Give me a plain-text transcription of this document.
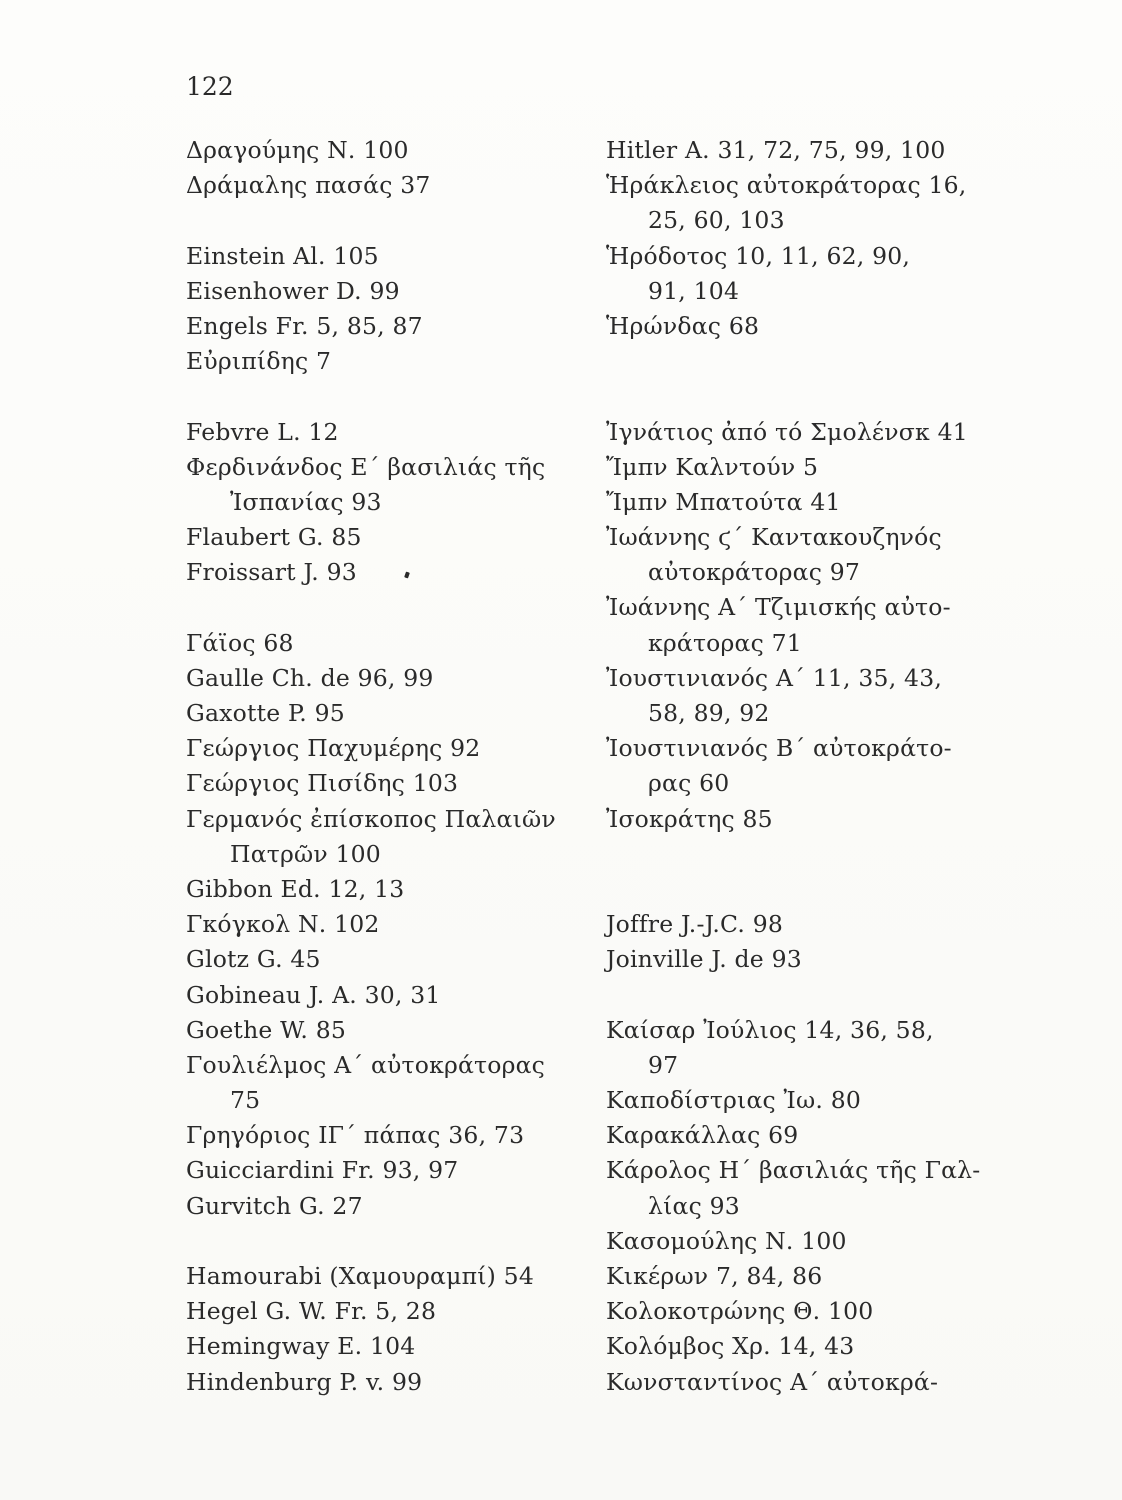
122
Δραγούμης Ν. 100
Δράμαλης πασάς 37
Einstein Al. 105
Eisenhower D. 99
Engels Fr. 5, 85, 87
Εὐριπίδης 7
Febvre L. 12
Φερδινάνδος Ε΄ βασιλιάς τῆς
Ἰσπανίας 93
Flaubert G. 85
Froissart J. 93
Γάϊος 68
Gaulle Ch. de 96, 99
Gaxotte P. 95
Γεώργιος Παχυμέρης 92
Γεώργιος Πισίδης 103
Γερμανός ἐπίσκοπος Παλαιῶν
Πατρῶν 100
Gibbon Ed. 12, 13
Γκόγκολ Ν. 102
Glotz G. 45
Gobineau J. A. 30, 31
Goethe W. 85
Γουλιέλμος Α΄ αὐτοκράτορας
75
Γρηγόριος ΙΓ΄ πάπας 36, 73
Guicciardini Fr. 93, 97
Gurvitch G. 27
Hamourabi (Χαμουραμπί) 54
Hegel G. W. Fr. 5, 28
Hemingway E. 104
Hindenburg P. v. 99
Hitler A. 31, 72, 75, 99, 100
Ἡράκλειος αὐτοκράτορας 16,
25, 60, 103
Ἡρόδοτος 10, 11, 62, 90,
91, 104
Ἡρώνδας 68
Ἰγνάτιος ἀπό τό Σμολένσκ 41
Ἴμπν Καλντούν 5
Ἴμπν Μπατούτα 41
Ἰωάννης ϛ΄ Καντακουζηνός
αὐτοκράτορας 97
Ἰωάννης Α΄ Τζιμισκής αὐτο-
κράτορας 71
Ἰουστινιανός Α΄ 11, 35, 43,
58, 89, 92
Ἰουστινιανός Β΄ αὐτοκράτο-
ρας 60
Ἰσοκράτης 85
Joffre J.-J.C. 98
Joinville J. de 93
Καίσαρ Ἰούλιος 14, 36, 58,
97
Καποδίστριας Ἰω. 80
Καρακάλλας 69
Κάρολος Η΄ βασιλιάς τῆς Γαλ-
λίας 93
Κασομούλης Ν. 100
Κικέρων 7, 84, 86
Κολοκοτρώνης Θ. 100
Κολόμβος Χρ. 14, 43
Κωνσταντίνος Α΄ αὐτοκρά-
